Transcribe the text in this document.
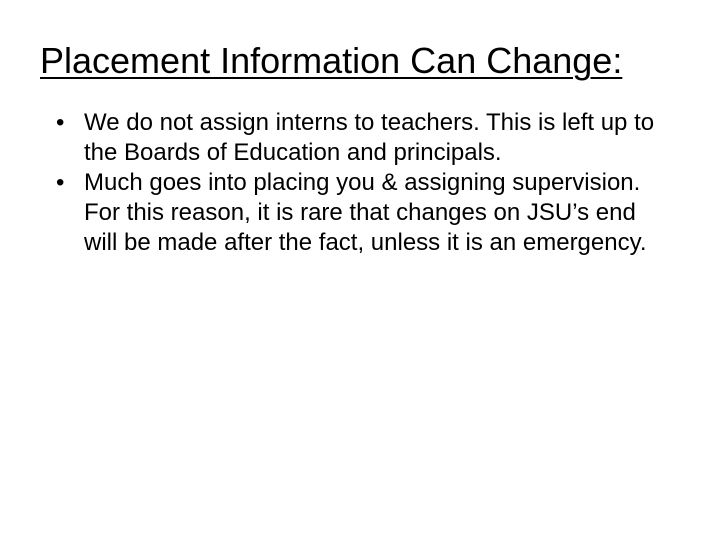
Placement Information Can Change:
• We do not assign interns to teachers. This is left up to the Boards of Education and principals.
• Much goes into placing you & assigning supervision. For this reason, it is rare that changes on JSU’s end will be made after the fact, unless it is an emergency.
